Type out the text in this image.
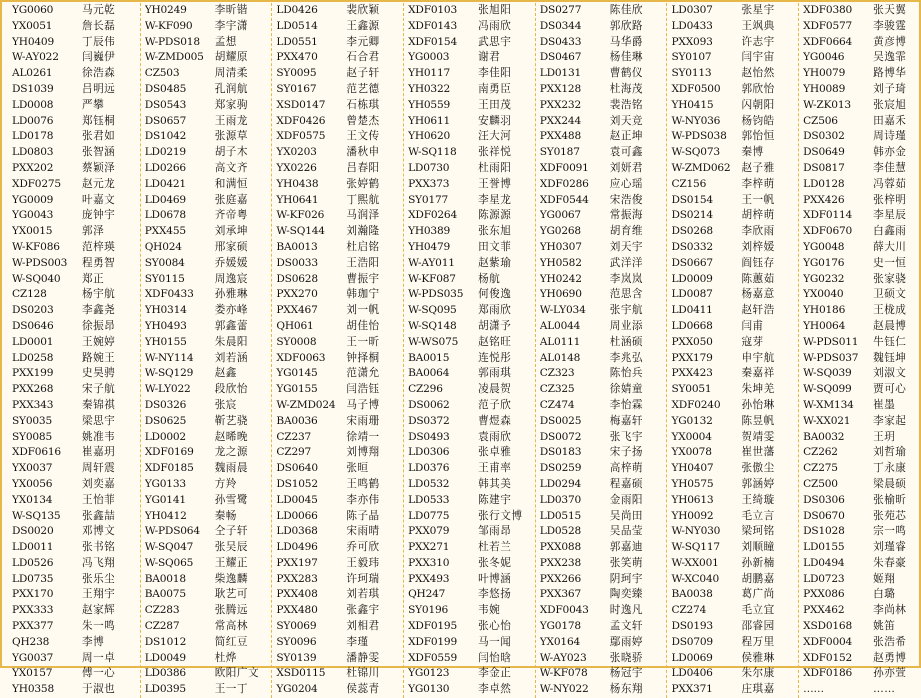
YG0060	马元乾
YX0051	詹长磊
YH0409	丁辰伟
W-AY022	闫巍伊
AL0261	徐浩森
DS1039	吕明远
LD0008	严攀
LD0076	郑钰桐
LD0178	张君如
LD0803	张智涵
PXX202	蔡颖泽
XDF0275	赵元龙
YG0009	叶嘉文
YG0043	庞钟宇
YX0015	郭泽
W-KF086	范梓瑛
W-PDS003	程勇智
W-SQ040	郑正
CZ128	杨宇航
DS0203	李鑫尧
DS0646	徐振昂
LD0001	王婉婷
LD0258	路婉王
PXX199	史昊骋
PXX268	宋子航
PXX343	秦锦祺
SY0035	梁思宇
SY0085	姚准韦
XDF0616	崔嘉玥
YX0037	周轩震
YX0056	刘奕嘉
YX0134	王怡菲
W-SQ135	张鑫喆
DS0020	邓博文
LD0011	张书铭
LD0526	冯飞翔
LD0735	张乐尘
PXX170	王翔宇
PXX333	赵家辉
PXX377	朱一鸣
QH238	李博
YG0037	周一卓
YX0157	傅一心
YH0358	于淑也
YH0249	李昕锴
W-KF090	李宇潇
W-PDS018	孟想
W-ZMD005	胡耀原
CZ503	周清柔
DS0485	孔润航
DS0543	郑家驹
DS0657	王雨龙
DS1042	张源草
LD0219	胡子木
LD0266	高文齐
LD0421	和满恒
LD0469	张庭嘉
LD0678	齐帝粤
PXX455	刘承坤
QH024	邢家硕
SY0084	乔媛媛
SY0115	周逸宸
XDF0433	孙雅琳
YH0314	娄亦峰
YH0493	郭鑫蕾
YH0155	朱晨阳
W-NY114	刘若涵
W-SQ129	赵鑫
W-LY022	段欣怡
DS0326	张宸
DS0625	靳艺骁
LD0002	赵晞晚
XDF0169	龙之源
XDF0185	魏雨晨
YG0133	方羚
YG0141	孙雪鹭
YH0412	秦畅
W-PDS064	仝子轩
W-SQ047	张吴辰
W-SQ065	王耀正
BA0018	柴逸麟
BA0075	耿艺可
CZ283	张腾远
CZ287	常高林
DS1012	简红豆
LD0049	杜烨
LD0386	欧阳广文
LD0395	王一丁
LD0426	裴欣颖
LD0514	王鑫源
LD0551	李元卿
PXX470	石合君
SY0095	赵子轩
SY0167	范艺德
XSD0147	石栋琪
XDF0426	曾楚杰
XDF0575	王文传
YX0203	潘秋申
YX0226	吕春阳
YH0438	张婷鹤
YH0641	丁熙航
W-KF026	马润泽
W-SQ144	刘瀚隆
BA0013	杜启铭
DS0033	王浩阳
DS0628	曹振宇
PXX270	韩珈宁
PXX467	刘一帆
QH061	胡佳怡
SY0008	王一昕
XDF0063	钟择桐
YG0145	范潇允
YG0155	闫浩钰
W-ZMD024	马子博
BA0036	宋雨珊
CZ237	徐靖一
CZ297	刘博翔
DS0640	张晅
DS1052	王鸣鹤
LD0045	李亦伟
LD0066	陈子晶
LD0368	宋雨晴
LD0496	乔可欣
PXX197	王毅玮
PXX283	许珂瑞
PXX408	刘若琪
PXX480	张鑫宇
SY0069	刘相君
SY0096	李瑾
SY0139	潘静雯
XSD0115	杜锦川
YG0204	侯蕊青
XDF0103	张旭阳
XDF0143	冯雨欣
XDF0154	武思宇
YG0003	谢君
YH0117	李佳阳
YH0322	南勇臣
YH0559	王田茂
YH0611	安麟羽
YH0620	汪大河
W-SQ118	张祥悦
LD0730	杜雨阳
PXX373	王誉博
SY0177	李星龙
XDF0264	陈源源
YH0389	张东旭
YH0479	田文菲
W-AY011	赵紫瑜
W-KF087	杨航
W-PDS035	何俊逸
W-SQ095	郑雨欣
W-SQ148	胡潇予
W-WS075	赵铭旺
BA0015	连悦彤
BA0064	郭雨琪
CZ296	凌晨贺
DS0062	范子欣
DS0372	曹煜森
DS0493	袁雨欣
LD0306	张卓雅
LD0376	王甫率
LD0532	韩其美
LD0533	陈建宇
LD0775	张行文博
PXX079	邹雨昂
PXX271	杜若兰
PXX310	张冬妮
PXX493	叶博涵
QH247	李悠扬
SY0196	韦婉
XDF0195	张心怡
XDF0199	马一闻
XDF0559	闫怡晗
YG0123	李金正
YG0130	李卓然
DS0277	陈佳欣
DS0344	郭欣路
DS0433	马华爵
DS0467	杨佳琳
LD0131	曹鹤仪
PXX128	杜海茂
PXX232	裴浩铭
PXX244	刘天竞
PXX488	赵正坤
SY0187	袁可鑫
XDF0091	刘妍君
XDF0286	应心瑶
XDF0544	宋浩俊
YG0067	常振海
YG0268	胡育维
YH0307	刘天宇
YH0582	武洋洋
YH0242	李岚岚
YH0690	范思含
W-LY034	张宇航
AL0044	周业添
AL0111	杜涵硕
AL0148	李兆弘
CZ323	陈怡兵
CZ325	徐婧童
CZ474	李怡霖
DS0025	梅嘉轩
DS0072	张飞宇
DS0183	宋子扬
DS0259	高梓萌
LD0294	程嘉硕
LD0370	金雨阳
LD0515	吴尚田
LD0528	吴品莹
PXX088	郭嘉迪
PXX238	张笑萌
PXX266	阴珂宇
PXX367	陶奕臻
XDF0043	时逸凡
YG0178	孟文轩
YX0164	鄢雨婷
W-AY023	张晓骄
W-KF078	杨冠宇
W-NY022	杨东翔
LD0307	张星宇
LD0433	王飒典
PXX093	许志宇
SY0107	闫宇宙
SY0113	赵怡然
XDF0500	郭欣怡
YH0415	闪朝阳
W-NY036	杨钧皓
W-PDS038	郭怡恒
W-SQ073	秦博
W-ZMD062	赵子雅
CZ156	李梓萌
DS0154	王一帆
DS0214	胡梓萌
DS0268	李欣雨
DS0332	刘梓媛
DS0667	阎钰存
LD0009	陈蕙茹
LD0087	杨嘉意
LD0411	赵轩浩
LD0668	闫甫
PXX050	寇芽
PXX179	申宇航
PXX423	秦嘉祥
SY0051	朱坤羌
XDF0240	孙怡琳
YG0132	陈昱帆
YX0004	贺靖雯
YX0078	崔世藩
YH0407	张傲尘
YH0575	郭涵婷
YH0613	王绮璇
YH0092	毛立言
W-NY030	梁珂铭
W-SQ117	刘顺瞳
W-XX001	孙新楠
W-XC040	胡鹏嘉
BA0038	葛广尚
CZ274	毛立宜
DS0193	邵睿园
DS0709	程万里
LD0069	侯雅琳
LD0406	朱尔康
PXX371	庄琪嘉
XDF0380	张天翼
XDF0577	李骏霆
XDF0664	黄彦博
YG0046	吴逸霏
YH0079	路博华
YH0089	刘子琦
W-ZK013	张宸旭
CZ506	田嘉禾
DS0302	周诗瑾
DS0649	韩亦金
DS0817	李佳慧
LD0128	冯蓉茹
PXX426	张梓明
XDF0114	李星辰
XDF0670	白鑫雨
YG0048	薛大川
YG0176	史一恒
YG0232	张家骁
YX0040	卫硕文
YH0186	王栊成
YH0064	赵晨博
W-PDS011	牛钰仁
W-PDS037	魏钰坤
W-SQ039	刘淑文
W-SQ099	贾可心
W-XM134	崔墨
W-XX021	李家起
BA0032	王玥
CZ262	刘哲瑜
CZ275	丁永康
CZ500	梁晨硕
DS0306	张榆昕
DS0670	张苑芯
DS1028	宗一鸣
LD0155	刘瑾睿
LD0494	朱春豪
LD0723	姬翔
PXX086	白璐
PXX462	李尚林
XSD0168	姚笛
XDF0004	张浩希
XDF0152	赵勇博
XDF0186	孙亦萱
……	……
